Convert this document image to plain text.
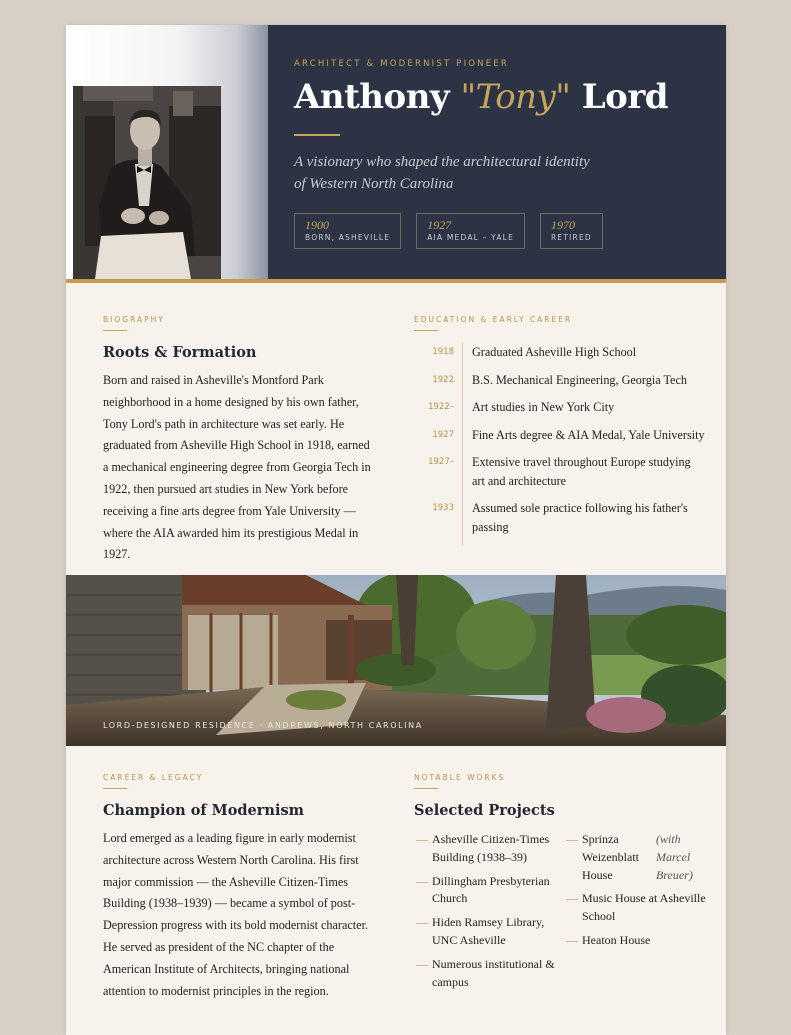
ARCHITECT & MODERNIST PIONEER
Anthony "Tony" Lord
A visionary who shaped the architectural identity of Western North Carolina
1900
BORN, ASHEVILLE
1927
AIA MEDAL – YALE
1970
RETIRED
BIOGRAPHY
Roots & Formation
Born and raised in Asheville's Montford Park neighborhood in a home designed by his own father, Tony Lord's path in architecture was set early. He graduated from Asheville High School in 1918, earned a mechanical engineering degree from Georgia Tech in 1922, then pursued art studies in New York before receiving a fine arts degree from Yale University — where the AIA awarded him its prestigious Medal in 1927.
EDUCATION & EARLY CAREER
1918 Graduated Asheville High School
1922 B.S. Mechanical Engineering, Georgia Tech
1922– Art studies in New York City
1927 Fine Arts degree & AIA Medal, Yale University
1927– Extensive travel throughout Europe studying art and architecture
1933 Assumed sole practice following his father's passing
LORD-DESIGNED RESIDENCE · ANDREWS, NORTH CAROLINA
CAREER & LEGACY
Champion of Modernism
Lord emerged as a leading figure in early modernist architecture across Western North Carolina. His first major commission — the Asheville Citizen-Times Building (1938–1939) — became a symbol of post-Depression progress with its bold modernist character. He served as president of the NC chapter of the American Institute of Architects, bringing national attention to modernist principles in the region.
NOTABLE WORKS
Selected Projects
— Asheville Citizen-Times Building (1938–39)
— Dillingham Presbyterian Church
— Hiden Ramsey Library, UNC Asheville
— Numerous institutional & campus
— Sprinza Weizenblatt House
(with Marcel Breuer)
— Music House at Asheville School
— Heaton House
